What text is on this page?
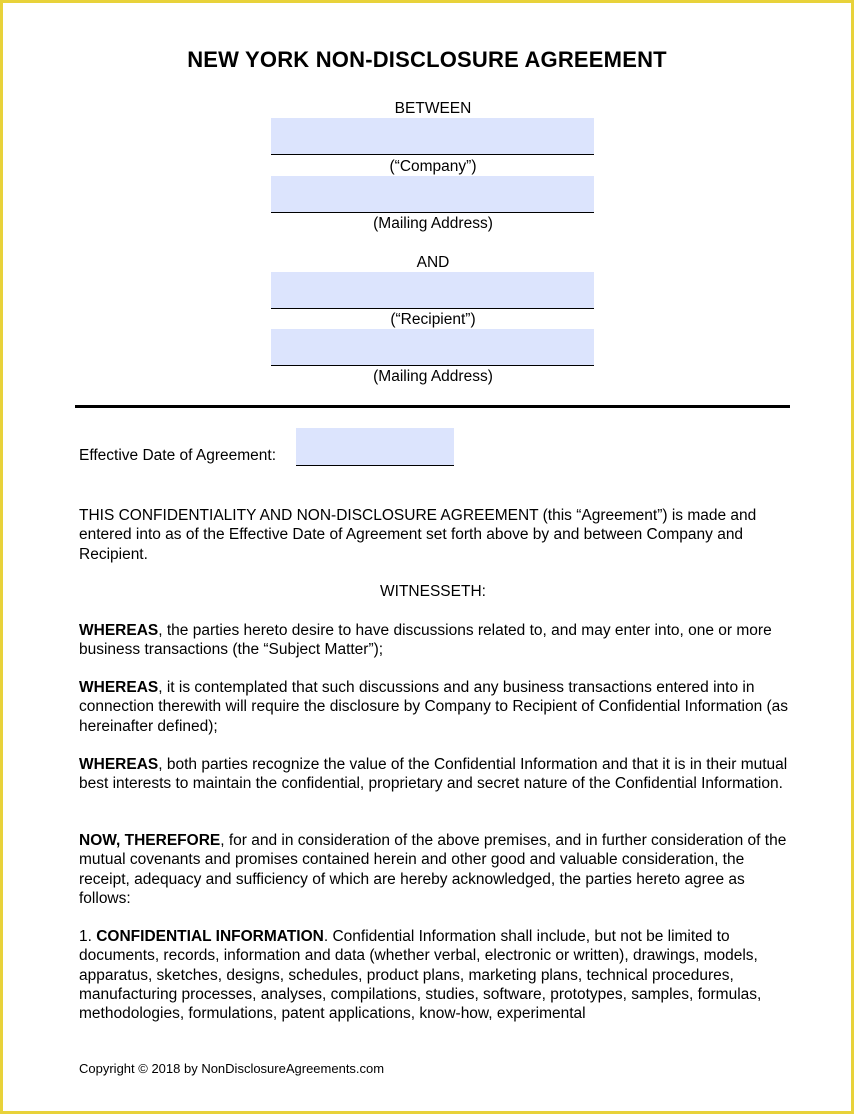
NEW YORK NON-DISCLOSURE AGREEMENT
BETWEEN
(“Company”)
(Mailing Address)
AND
(“Recipient”)
(Mailing Address)
Effective Date of Agreement:

THIS CONFIDENTIALITY AND NON-DISCLOSURE AGREEMENT (this “Agreement”) is made and entered into as of the Effective Date of Agreement set forth above by and between Company and Recipient.

WITNESSETH:

WHEREAS, the parties hereto desire to have discussions related to, and may enter into, one or more business transactions (the “Subject Matter”);

WHEREAS, it is contemplated that such discussions and any business transactions entered into in connection therewith will require the disclosure by Company to Recipient of Confidential Information (as hereinafter defined);

WHEREAS, both parties recognize the value of the Confidential Information and that it is in their mutual best interests to maintain the confidential, proprietary and secret nature of the Confidential Information.

NOW, THEREFORE, for and in consideration of the above premises, and in further consideration of the mutual covenants and promises contained herein and other good and valuable consideration, the receipt, adequacy and sufficiency of which are hereby acknowledged, the parties hereto agree as follows:

1. CONFIDENTIAL INFORMATION. Confidential Information shall include, but not be limited to documents, records, information and data (whether verbal, electronic or written), drawings, models, apparatus, sketches, designs, schedules, product plans, marketing plans, technical procedures, manufacturing processes, analyses, compilations, studies, software, prototypes, samples, formulas, methodologies, formulations, patent applications, know-how, experimental

Copyright © 2018 by NonDisclosureAgreements.com
